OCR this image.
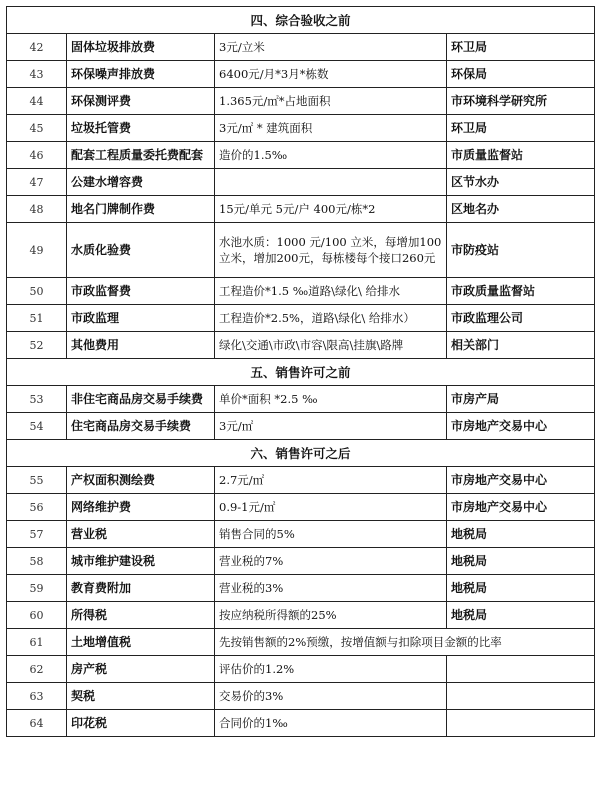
四、综合验收之前			
42	固体垃圾排放费	3元/立米	环卫局
43	环保噪声排放费	6400元/月*3月*栋数	环保局
44	环保测评费	1.365元/㎡*占地面积	市环境科学研究所
45	垃圾托管费	3元/㎡ * 建筑面积	环卫局
46	配套工程质量委托费配套	造价的1.5‰	市质量监督站
47	公建水增容费		区节水办
48	地名门牌制作费	15元/单元 5元/户 400元/栋*2	区地名办
49	水质化验费	水池水质：1000 元/100 立米，每增加100立米，增加200元，每栋楼每个接口260元	市防疫站
50	市政监督费	工程造价*1.5 ‰道路\绿化\ 给排水	市政质量监督站
51	市政监理	工程造价*2.5%，道路\绿化\ 给排水）	市政监理公司
52	其他费用	绿化\交通\市政\市容\限高\挂旗\路牌	相关部门
五、销售许可之前			
53	非住宅商品房交易手续费	单价*面积 *2.5 ‰	市房产局
54	住宅商品房交易手续费	3元/㎡	市房地产交易中心
六、销售许可之后			
55	产权面积测绘费	2.7元/㎡	市房地产交易中心
56	网络维护费	0.9-1元/㎡	市房地产交易中心
57	营业税	销售合同的5%	地税局
58	城市维护建设税	营业税的7%	地税局
59	教育费附加	营业税的3%	地税局
60	所得税	按应纳税所得额的25%	地税局
61	土地增值税	先按销售额的2%预缴，按增值额与扣除项目金额的比率	
62	房产税	评估价的1.2%	
63	契税	交易价的3%	
64	印花税	合同价的1‰	
